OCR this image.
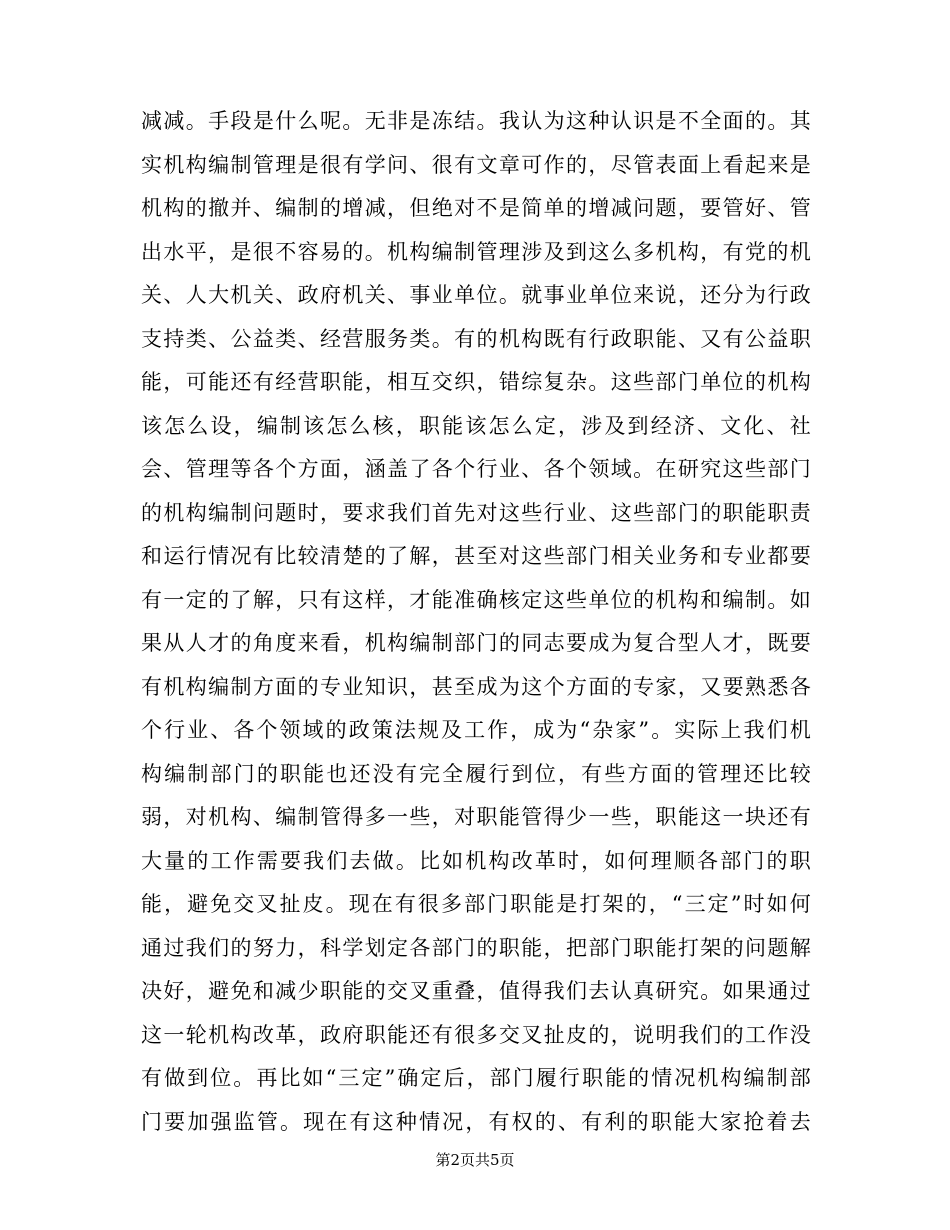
减减。手段是什么呢。无非是冻结。我认为这种认识是不全面的。其
实机构编制管理是很有学问、很有文章可作的，尽管表面上看起来是
机构的撤并、编制的增减，但绝对不是简单的增减问题，要管好、管
出水平，是很不容易的。机构编制管理涉及到这么多机构，有党的机
关、人大机关、政府机关、事业单位。就事业单位来说，还分为行政
支持类、公益类、经营服务类。有的机构既有行政职能、又有公益职
能，可能还有经营职能，相互交织，错综复杂。这些部门单位的机构
该怎么设，编制该怎么核，职能该怎么定，涉及到经济、文化、社
会、管理等各个方面，涵盖了各个行业、各个领域。在研究这些部门
的机构编制问题时，要求我们首先对这些行业、这些部门的职能职责
和运行情况有比较清楚的了解，甚至对这些部门相关业务和专业都要
有一定的了解，只有这样，才能准确核定这些单位的机构和编制。如
果从人才的角度来看，机构编制部门的同志要成为复合型人才，既要
有机构编制方面的专业知识，甚至成为这个方面的专家，又要熟悉各
个行业、各个领域的政策法规及工作，成为“杂家”。实际上我们机
构编制部门的职能也还没有完全履行到位，有些方面的管理还比较
弱，对机构、编制管得多一些，对职能管得少一些，职能这一块还有
大量的工作需要我们去做。比如机构改革时，如何理顺各部门的职
能，避免交叉扯皮。现在有很多部门职能是打架的，“三定”时如何
通过我们的努力，科学划定各部门的职能，把部门职能打架的问题解
决好，避免和减少职能的交叉重叠，值得我们去认真研究。如果通过
这一轮机构改革，政府职能还有很多交叉扯皮的，说明我们的工作没
有做到位。再比如“三定”确定后，部门履行职能的情况机构编制部
门要加强监管。现在有这种情况，有权的、有利的职能大家抢着去
第2页共5页
